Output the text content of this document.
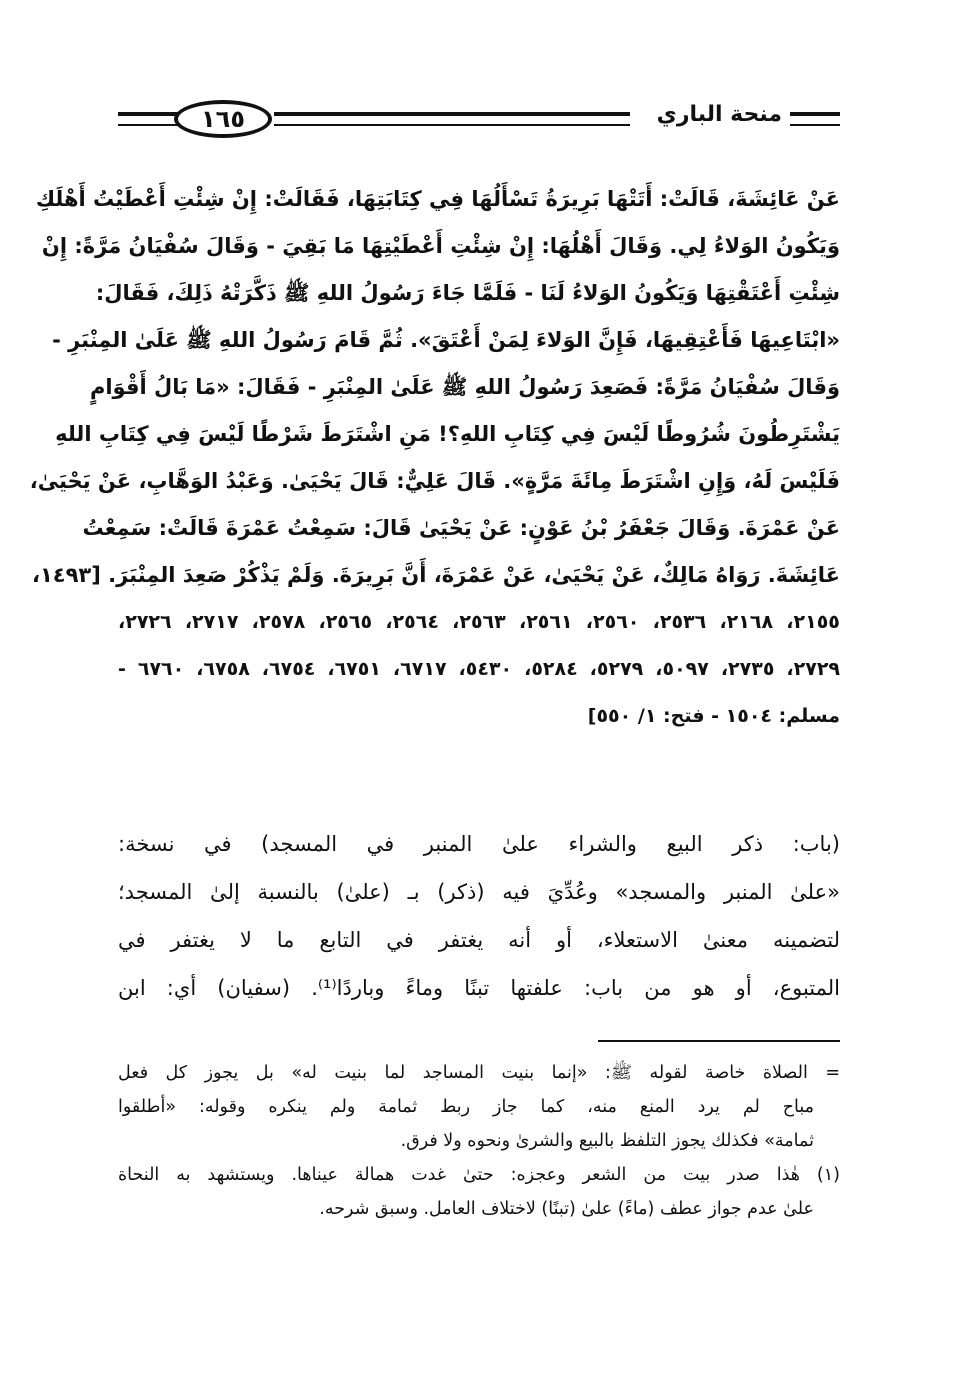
١٦٥	منحة الباري
عَنْ عَائِشَةَ، قَالَتْ: أَتَتْهَا بَرِيرَةُ تَسْأَلُهَا فِي كِتَابَتِهَا، فَقَالَتْ: إِنْ شِئْتِ أَعْطَيْتُ أَهْلَكِ
وَيَكُونُ الوَلاءُ لِي. وَقَالَ أَهْلُهَا: إِنْ شِئْتِ أَعْطَيْتِهَا مَا بَقِيَ - وَقَالَ سُفْيَانُ مَرَّةً: إِنْ
شِئْتِ أَعْتَقْتِهَا وَيَكُونُ الوَلاءُ لَنَا - فَلَمَّا جَاءَ رَسُولُ اللهِ ﷺ ذَكَّرَتْهُ ذَلِكَ، فَقَالَ:
«ابْتَاعِيهَا فَأَعْتِقِيهَا، فَإِنَّ الوَلاءَ لِمَنْ أَعْتَقَ». ثُمَّ قَامَ رَسُولُ اللهِ ﷺ عَلَىٰ المِنْبَرِ -
وَقَالَ سُفْيَانُ مَرَّةً: فَصَعِدَ رَسُولُ اللهِ ﷺ عَلَىٰ المِنْبَرِ - فَقَالَ: «مَا بَالُ أَقْوَامٍ
يَشْتَرِطُونَ شُرُوطًا لَيْسَ فِي كِتَابِ اللهِ؟! مَنِ اشْتَرَطَ شَرْطًا لَيْسَ فِي كِتَابِ اللهِ
فَلَيْسَ لَهُ، وَإِنِ اشْتَرَطَ مِائَةَ مَرَّةٍ». قَالَ عَلِيٌّ: قَالَ يَحْيَىٰ. وَعَبْدُ الوَهَّابِ، عَنْ يَحْيَىٰ،
عَنْ عَمْرَةَ. وَقَالَ جَعْفَرُ بْنُ عَوْنٍ: عَنْ يَحْيَىٰ قَالَ: سَمِعْتُ عَمْرَةَ قَالَتْ: سَمِعْتُ
عَائِشَةَ. رَوَاهُ مَالِكٌ، عَنْ يَحْيَىٰ، عَنْ عَمْرَةَ، أَنَّ بَرِيرَةَ. وَلَمْ يَذْكُرْ صَعِدَ المِنْبَرَ. [١٤٩٣،
٢١٥٥، ٢١٦٨، ٢٥٣٦، ٢٥٦٠، ٢٥٦١، ٢٥٦٣، ٢٥٦٤، ٢٥٦٥، ٢٥٧٨، ٢٧١٧، ٢٧٢٦،
٢٧٢٩، ٢٧٣٥، ٥٠٩٧، ٥٢٧٩، ٥٢٨٤، ٥٤٣٠، ٦٧١٧، ٦٧٥١، ٦٧٥٤، ٦٧٥٨، ٦٧٦٠ -
مسلم: ١٥٠٤ - فتح: ١/ ٥٥٠]
(باب: ذكر البيع والشراء علىٰ المنبر في المسجد) في نسخة:
«علىٰ المنبر والمسجد» وعُدِّيَ فيه (ذكر) بـ (علىٰ) بالنسبة إلىٰ المسجد؛
لتضمينه معنىٰ الاستعلاء، أو أنه يغتفر في التابع ما لا يغتفر في
المتبوع، أو هو من باب: علفتها تبنًا وماءً وباردًا⁽¹⁾. (سفيان) أي: ابن
= الصلاة خاصة لقوله ﷺ: «إنما بنيت المساجد لما بنيت له» بل يجوز كل فعل
مباح لم يرد المنع منه، كما جاز ربط ثمامة ولم ينكره وقوله: «أطلقوا
ثمامة» فكذلك يجوز التلفظ بالبيع والشرىٰ ونحوه ولا فرق.
(١) هٰذا صدر بيت من الشعر وعجزه: حتىٰ غدت همالة عيناها. ويستشهد به النحاة
علىٰ عدم جواز عطف (ماءً) علىٰ (تبنًا) لاختلاف العامل. وسبق شرحه.
